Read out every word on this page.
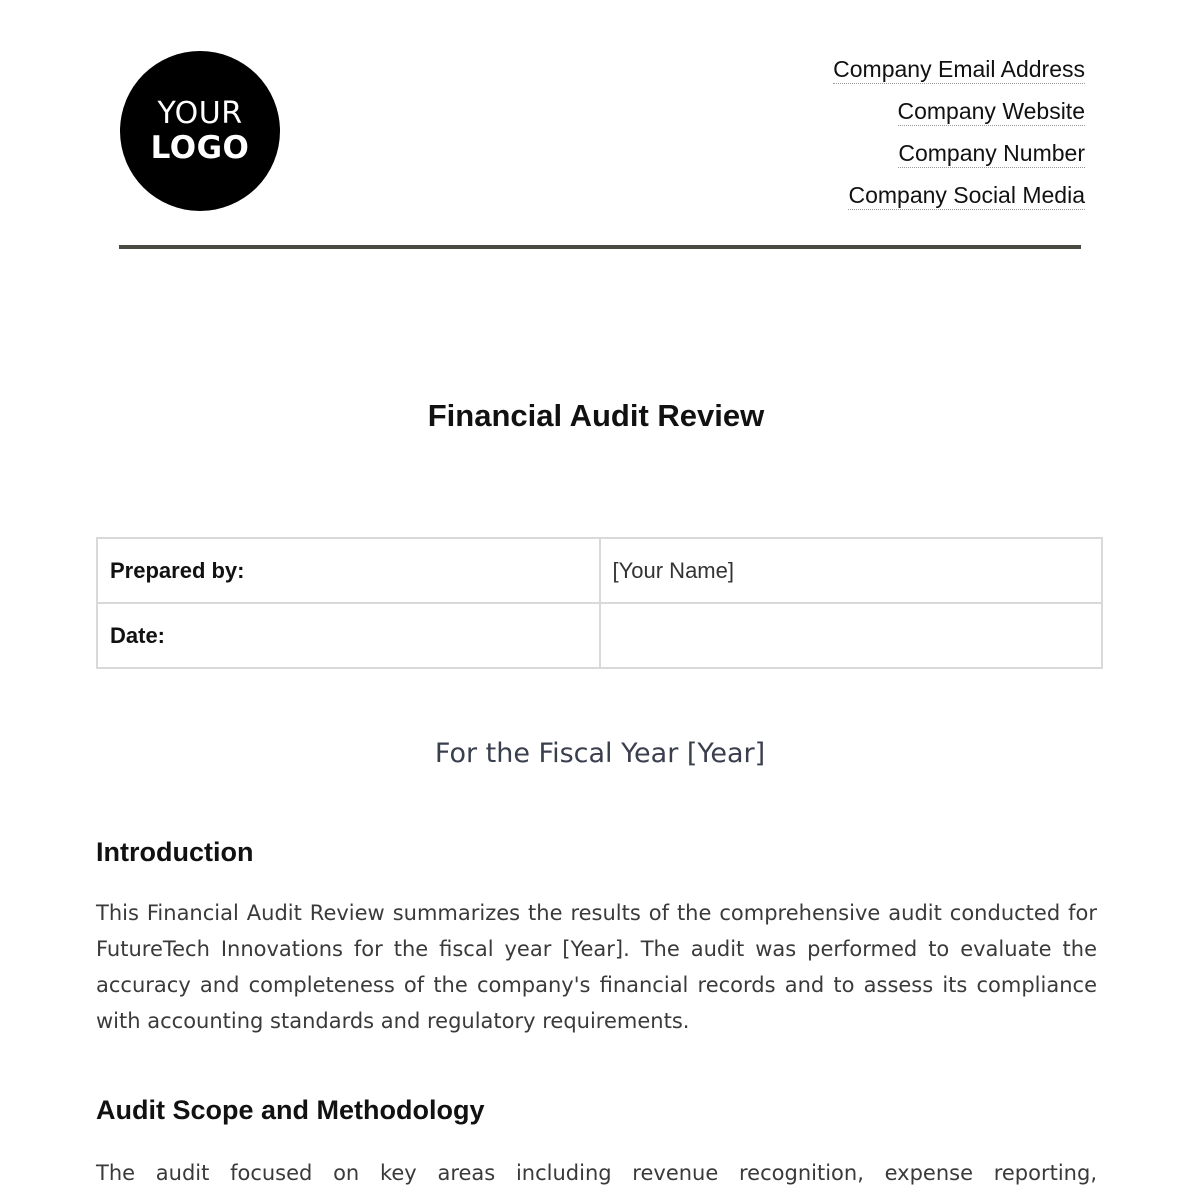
YOUR
LOGO
Company Email Address
Company Website
Company Number
Company Social Media
Financial Audit Review
Prepared by:	[Your Name]
Date:	
For the Fiscal Year [Year]
Introduction

This Financial Audit Review summarizes the results of the comprehensive audit conducted for FutureTech Innovations for the fiscal year [Year]. The audit was performed to evaluate the accuracy and completeness of the company's financial records and to assess its compliance with accounting standards and regulatory requirements.

Audit Scope and Methodology

The audit focused on key areas including revenue recognition, expense reporting,
